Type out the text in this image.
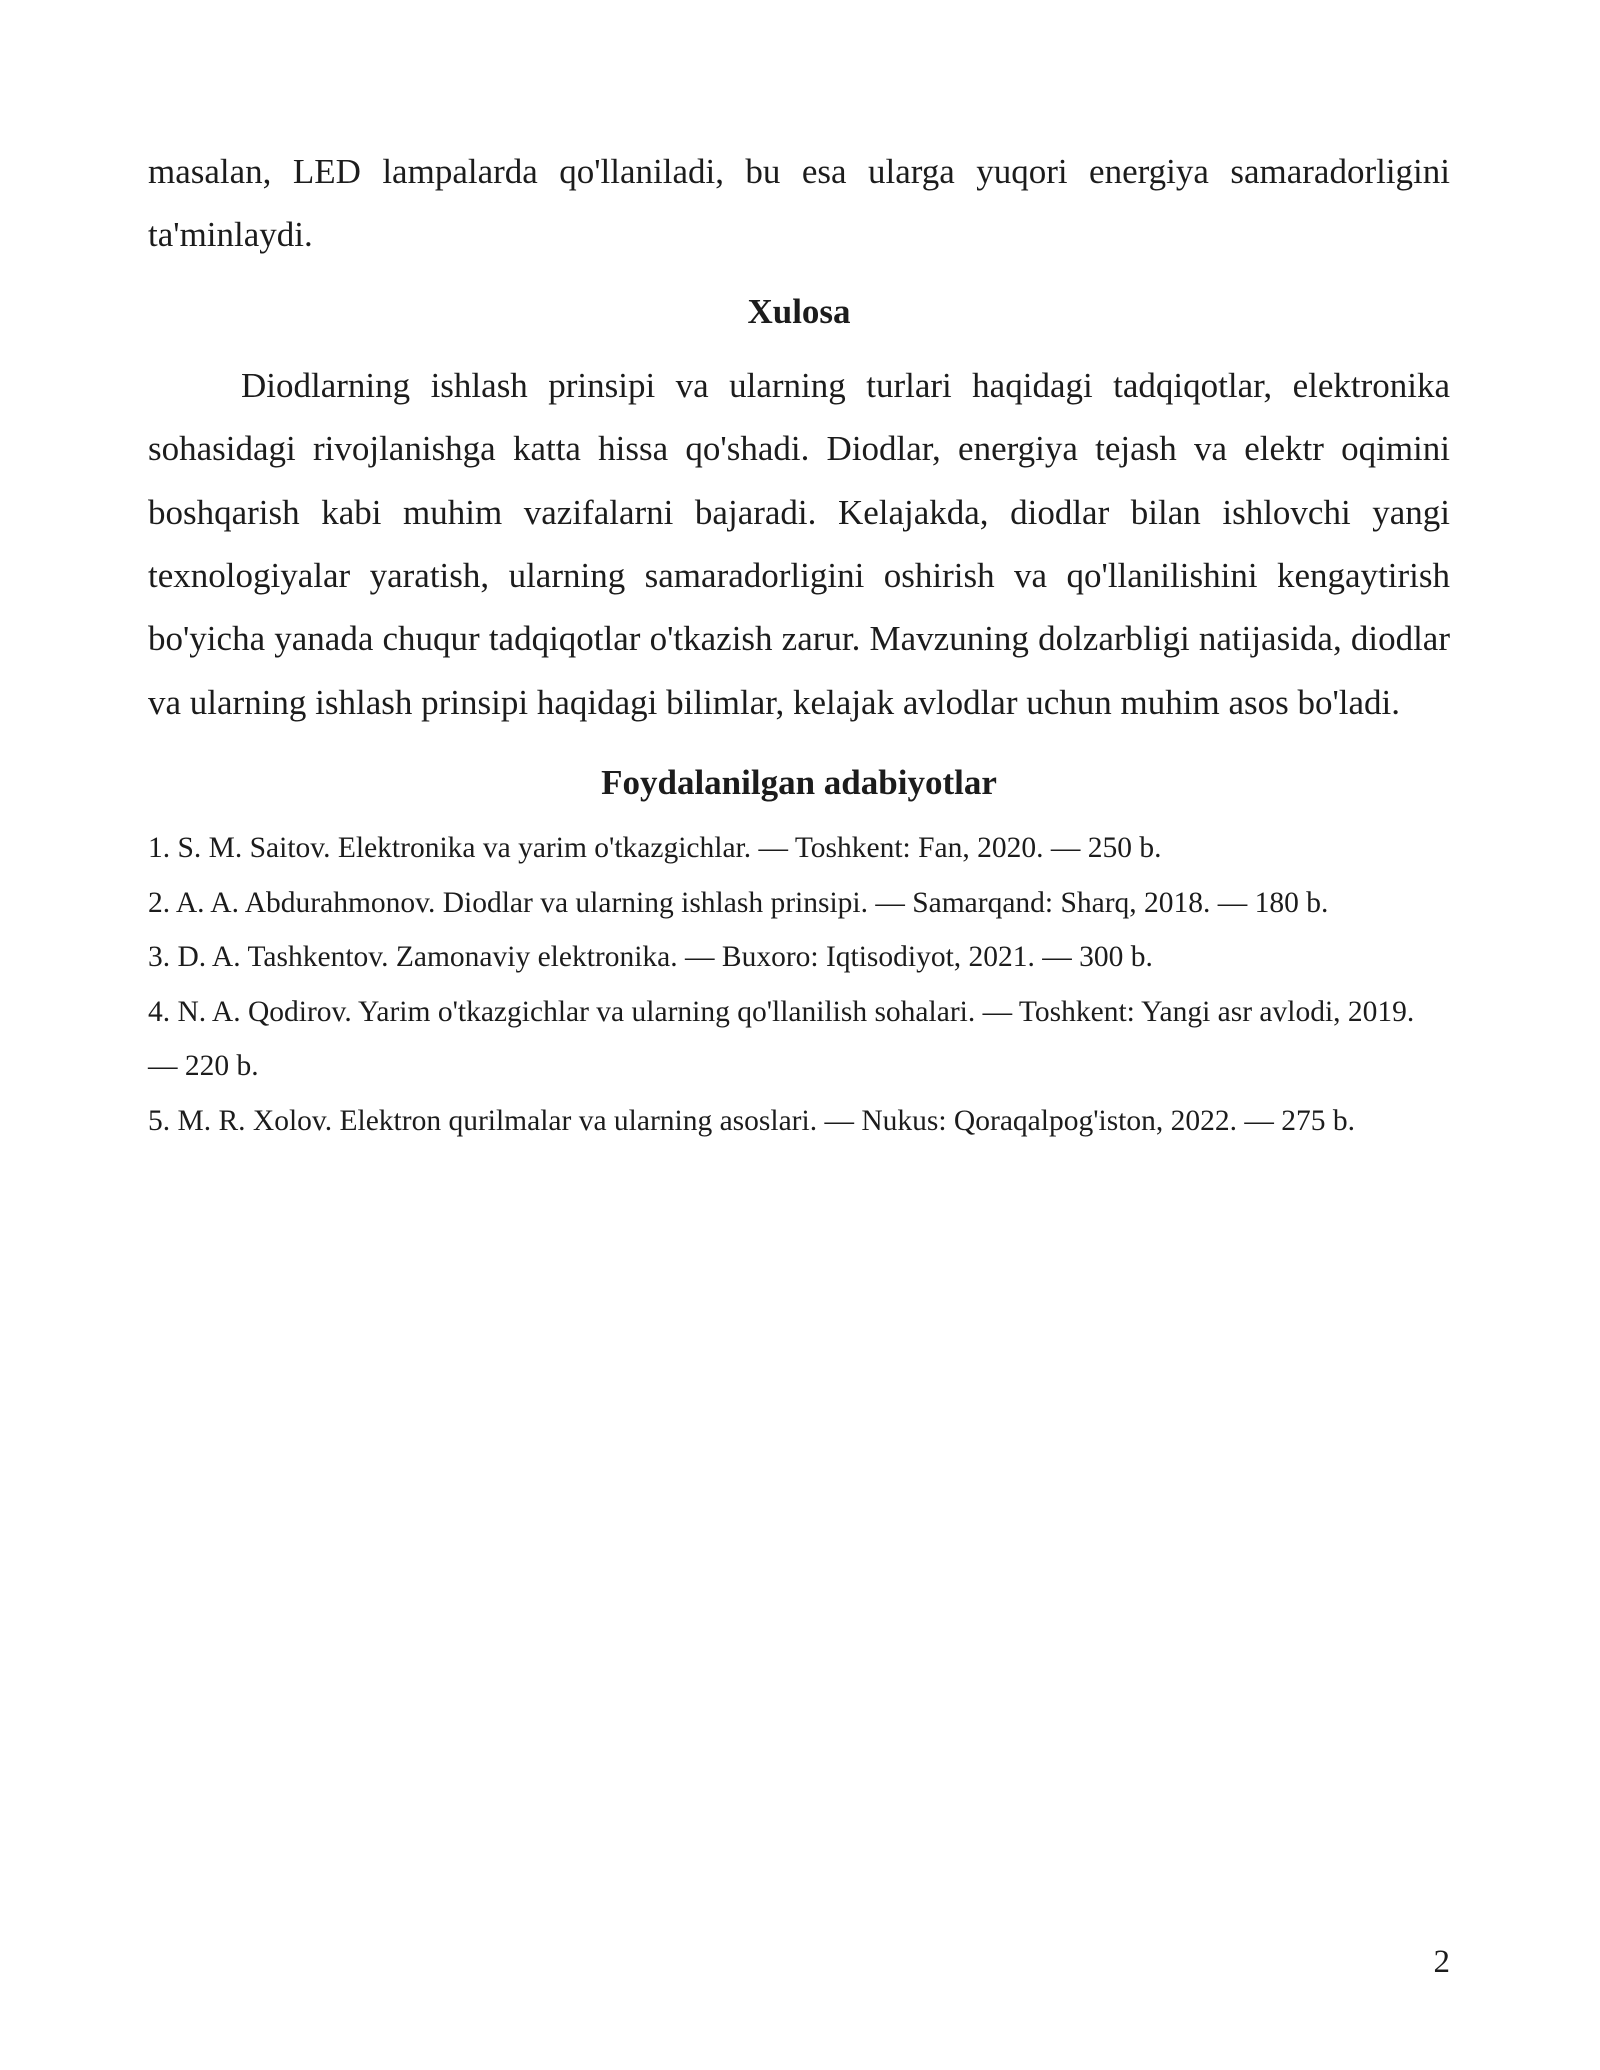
masalan, LED lampalarda qo'llaniladi, bu esa ularga yuqori energiya samaradorligini ta'minlaydi.

Xulosa

Diodlarning ishlash prinsipi va ularning turlari haqidagi tadqiqotlar, elektronika sohasidagi rivojlanishga katta hissa qo'shadi. Diodlar, energiya tejash va elektr oqimini boshqarish kabi muhim vazifalarni bajaradi. Kelajakda, diodlar bilan ishlovchi yangi texnologiyalar yaratish, ularning samaradorligini oshirish va qo'llanilishini kengaytirish bo'yicha yanada chuqur tadqiqotlar o'tkazish zarur. Mavzuning dolzarbligi natijasida, diodlar va ularning ishlash prinsipi haqidagi bilimlar, kelajak avlodlar uchun muhim asos bo'ladi.

Foydalanilgan adabiyotlar
1. S. M. Saitov. Elektronika va yarim o'tkazgichlar. — Toshkent: Fan, 2020. — 250 b.
2. A. A. Abdurahmonov. Diodlar va ularning ishlash prinsipi. — Samarqand: Sharq, 2018. — 180 b.
3. D. A. Tashkentov. Zamonaviy elektronika. — Buxoro: Iqtisodiyot, 2021. — 300 b.
4. N. A. Qodirov. Yarim o'tkazgichlar va ularning qo'llanilish sohalari. — Toshkent: Yangi asr avlodi, 2019. — 220 b.
5. M. R. Xolov. Elektron qurilmalar va ularning asoslari. — Nukus: Qoraqalpog'iston, 2022. — 275 b.
2
